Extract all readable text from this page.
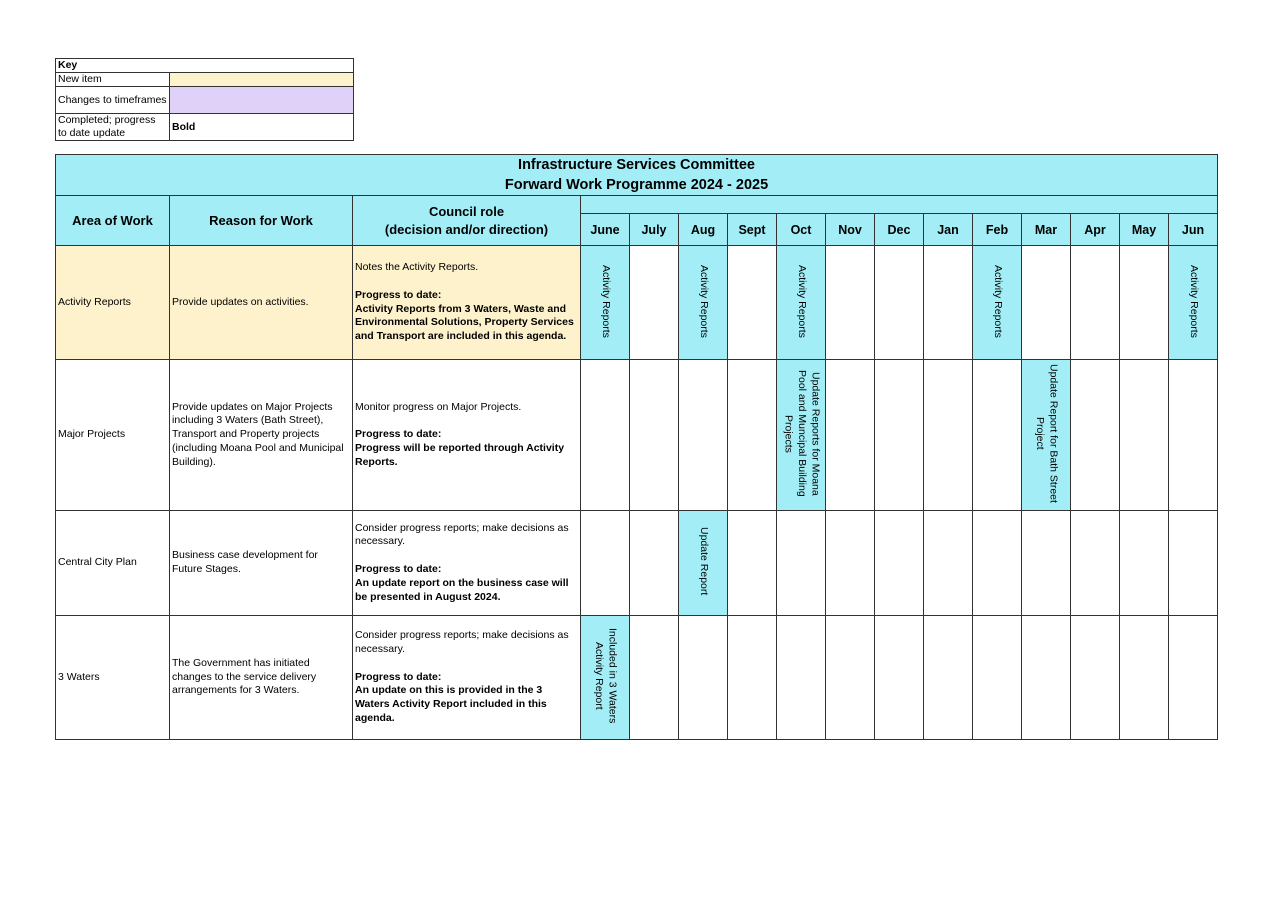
Key	
New item	
Changes to timeframes	
Completed; progress to date update	Bold
Infrastructure Services Committee
Forward Work Programme 2024 - 2025															

Area of Work	Reason for Work	Council role
(decision and/or direction)													

			June	July	Aug	Sept	Oct	Nov	Dec	Jan	Feb	Mar	Apr	May	Jun
Activity Reports	Provide updates on activities.	Notes the Activity Reports.
Progress to date:
Activity Reports from 3 Waters, Waste and Environmental Solutions, Property Services and Transport are included in this agenda.	Activity Reports		Activity Reports		Activity Reports				Activity Reports				Activity Reports
Major Projects	Provide updates on Major Projects including 3 Waters (Bath Street), Transport and Property projects (including Moana Pool and Municipal Building).	Monitor progress on Major Projects.
Progress to date:
Progress will be reported through Activity Reports.					Update Reports for Moana Pool and Muncipal Building Projects					Update Report for Bath Street Project			
Central City Plan	Business case development for Future Stages.	Consider progress reports; make decisions as necessary.
Progress to date:
An update report on the business case will be presented in August 2024.			Update Report										
3 Waters	The Government has initiated changes to the service delivery arrangements for 3 Waters.	Consider progress reports; make decisions as necessary.
Progress to date:
An update on this is provided in the 3 Waters Activity Report included in this agenda.	Included in 3 Waters Activity Report												
